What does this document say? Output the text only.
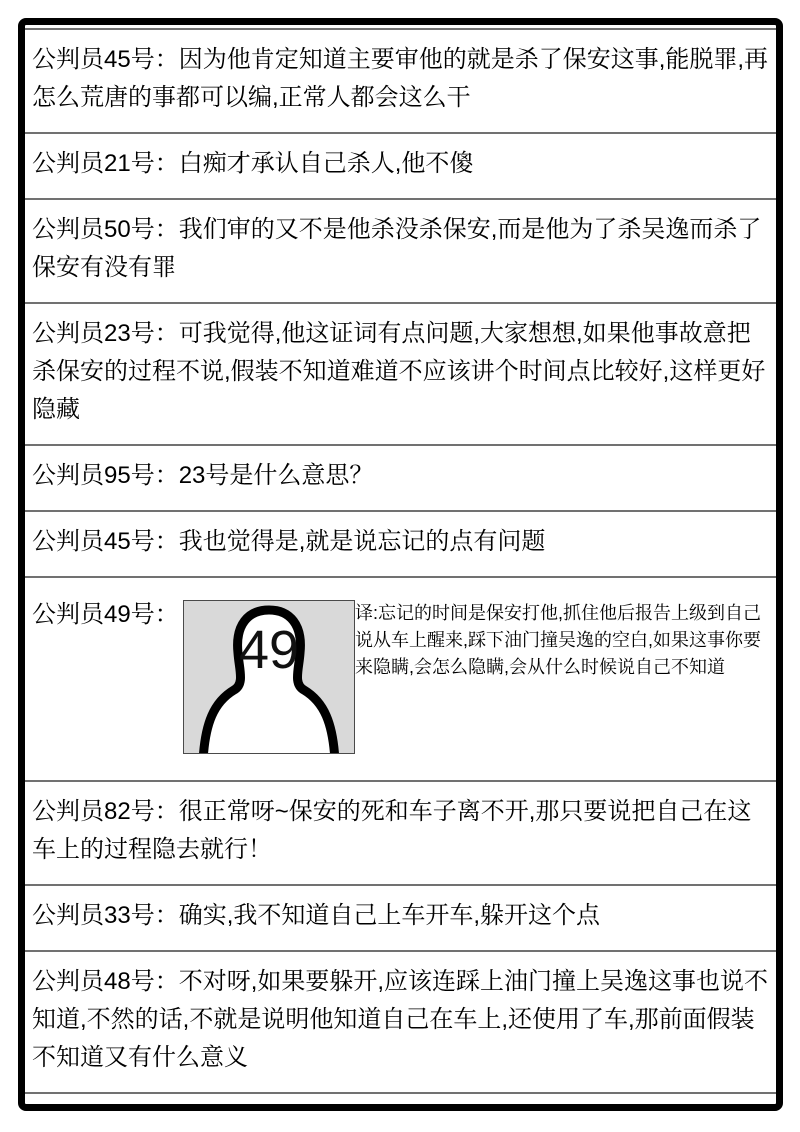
公判员45号：因为他肯定知道主要审他的就是杀了保安这事,能脱罪,再怎么荒唐的事都可以编,正常人都会这么干

公判员21号：白痴才承认自己杀人,他不傻

公判员50号：我们审的又不是他杀没杀保安,而是他为了杀吴逸而杀了保安有没有罪

公判员23号：可我觉得,他这证词有点问题,大家想想,如果他事故意把杀保安的过程不说,假装不知道难道不应该讲个时间点比较好,这样更好隐藏

公判员95号：23号是什么意思？

公判员45号：我也觉得是,就是说忘记的点有问题

公判员49号：
49

译:忘记的时间是保安打他,抓住他后报告上级到自己说从车上醒来,踩下油门撞吴逸的空白,如果这事你要来隐瞒,会怎么隐瞒,会从什么时候说自己不知道

公判员82号：很正常呀~保安的死和车子离不开,那只要说把自己在这车上的过程隐去就行！

公判员33号：确实,我不知道自己上车开车,躲开这个点

公判员48号：不对呀,如果要躲开,应该连踩上油门撞上吴逸这事也说不知道,不然的话,不就是说明他知道自己在车上,还使用了车,那前面假装不知道又有什么意义
